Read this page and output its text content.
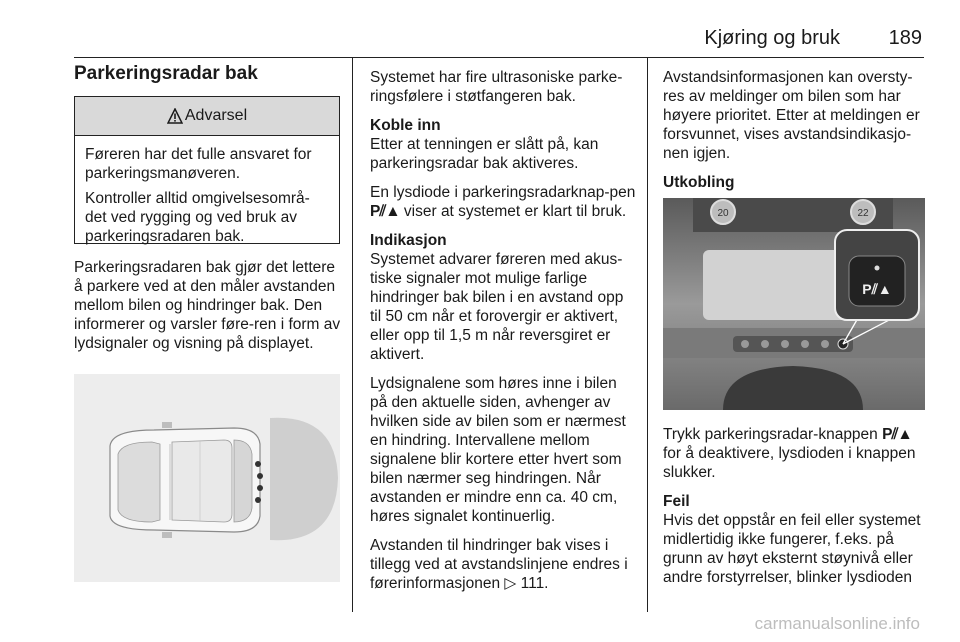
Kjøring og bruk 189
Parkeringsradar bak
Advarsel

Føreren har det fulle ansvaret for parkeringsmanøveren.

Kontroller alltid omgivelsesområ-det ved rygging og ved bruk av parkeringsradaren bak.

Parkeringsradaren bak gjør det lettere å parkere ved at den måler avstanden mellom bilen og hindringer bak. Den informerer og varsler føre-ren i form av lydsignaler og visning på displayet.

Systemet har fire ultrasoniske parke-ringsfølere i støtfangeren bak.

Koble inn

Etter at tenningen er slått på, kan parkeringsradar bak aktiveres.

En lysdiode i parkeringsradarknap-pen P⫽▲ viser at systemet er klart til bruk.

Indikasjon

Systemet advarer føreren med akus-tiske signaler mot mulige farlige hindringer bak bilen i en avstand opp til 50 cm når et forovergir er aktivert, eller opp til 1,5 m når reversgiret er aktivert.

Lydsignalene som høres inne i bilen på den aktuelle siden, avhenger av hvilken side av bilen som er nærmest en hindring. Intervallene mellom signalene blir kortere etter hvert som bilen nærmer seg hindringen. Når avstanden er mindre enn ca. 40 cm, høres signalet kontinuerlig.

Avstanden til hindringer bak vises i tillegg ved at avstandslinjene endres i førerinformasjonen ▷ 111.

Avstandsinformasjonen kan oversty-res av meldinger om bilen som har høyere prioritet. Etter at meldingen er forsvunnet, vises avstandsindikasjo-nen igjen.

Utkobling
20	22
P⫽▲

Trykk parkeringsradar-knappen P⫽▲ for å deaktivere, lysdioden i knappen slukker.

Feil

Hvis det oppstår en feil eller systemet midlertidig ikke fungerer, f.eks. på grunn av høyt eksternt støynivå eller andre forstyrrelser, blinker lysdioden

carmanualsonline.info
